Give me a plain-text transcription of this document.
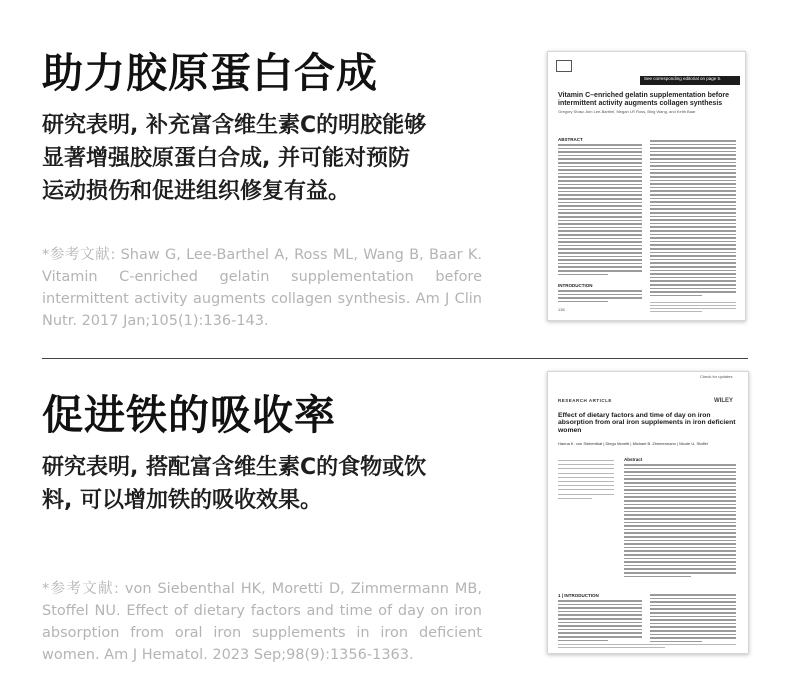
助力胶原蛋白合成

研究表明, 补充富含维生素C的明胶能够

显著增强胶原蛋白合成, 并可能对预防

运动损伤和促进组织修复有益。

*参考文献: Shaw G, Lee-Barthel A, Ross ML, Wang B, Baar K. Vitamin C-enriched gelatin supplementation before intermittent activity augments collagen synthesis. Am J Clin Nutr. 2017 Jan;105(1):136-143.

See corresponding editorial on page 5.
Vitamin C–enriched gelatin supplementation before intermittent activity augments collagen synthesis
Gregory Shaw, Ann Lee-Barthel, Megan LR Ross, Bing Wang, and Keith Baar
ABSTRACT
INTRODUCTION
136
促进铁的吸收率

研究表明, 搭配富含维生素C的食物或饮

料, 可以增加铁的吸收效果。

*参考文献: von Siebenthal HK, Moretti D, Zimmermann MB, Stoffel NU. Effect of dietary factors and time of day on iron absorption from oral iron supplements in iron deficient women. Am J Hematol. 2023 Sep;98(9):1356-1363.

Check for updates
RESEARCH ARTICLE	WILEY
Effect of dietary factors and time of day on iron absorption from oral iron supplements in iron deficient women
Hanna K. von Siebenthal | Diego Moretti | Michael B. Zimmermann | Nicole U. Stoffel
Abstract
1 | INTRODUCTION
